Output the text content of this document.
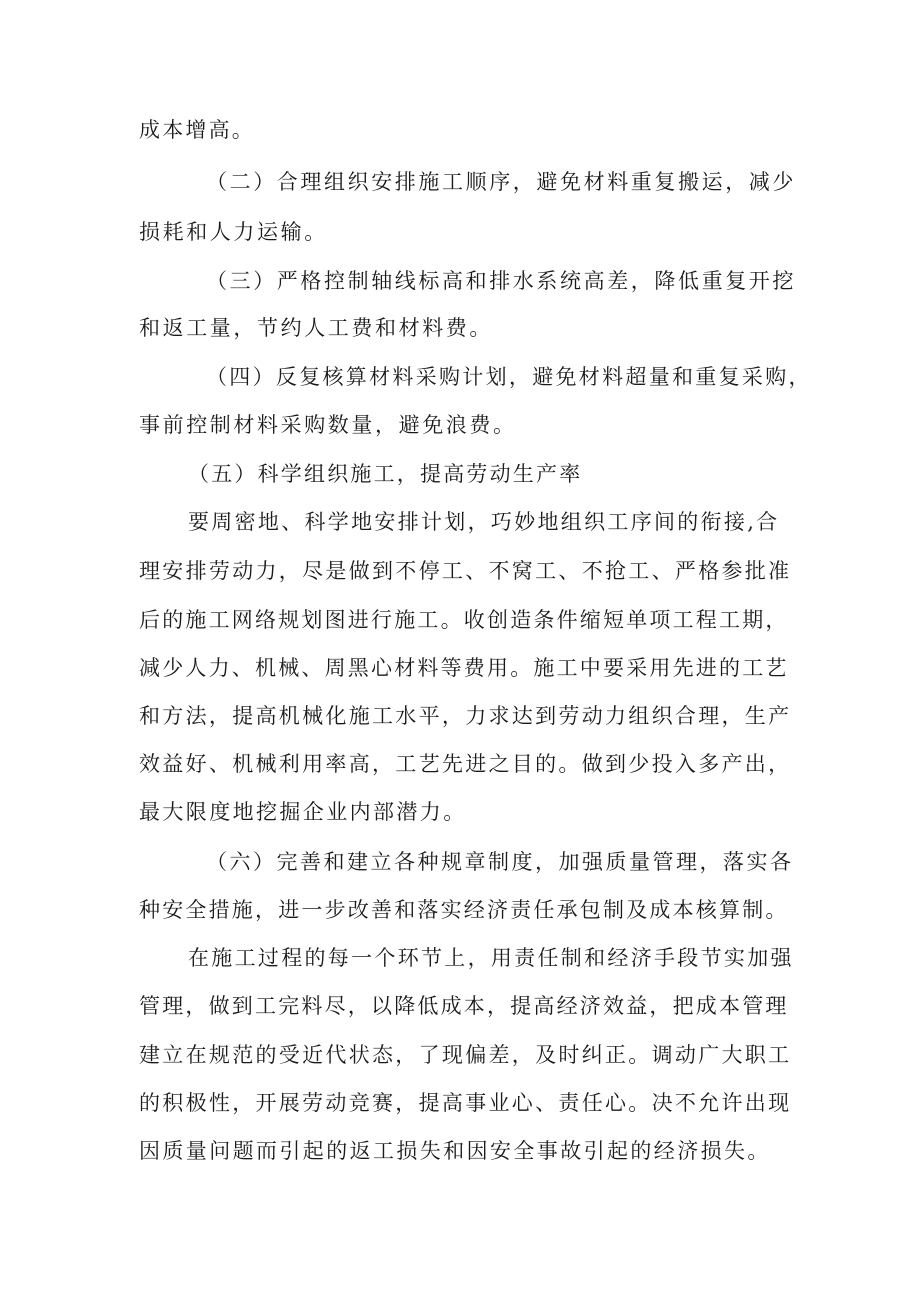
成本增高。
（二）合理组织安排施工顺序，避免材料重复搬运，减少
损耗和人力运输。
（三）严格控制轴线标高和排水系统高差，降低重复开挖
和返工量，节约人工费和材料费。
（四）反复核算材料采购计划，避免材料超量和重复采购，
事前控制材料采购数量，避免浪费。
（五）科学组织施工，提高劳动生产率
要周密地、科学地安排计划，巧妙地组织工序间的衔接,合
理安排劳动力，尽是做到不停工、不窝工、不抢工、严格参批准
后的施工网络规划图进行施工。收创造条件缩短单项工程工期，
减少人力、机械、周黑心材料等费用。施工中要采用先进的工艺
和方法，提高机械化施工水平，力求达到劳动力组织合理，生产
效益好、机械利用率高，工艺先进之目的。做到少投入多产出，
最大限度地挖掘企业内部潜力。
（六）完善和建立各种规章制度，加强质量管理，落实各
种安全措施，进一步改善和落实经济责任承包制及成本核算制。
在施工过程的每一个环节上，用责任制和经济手段节实加强
管理，做到工完料尽，以降低成本，提高经济效益，把成本管理
建立在规范的受近代状态，了现偏差，及时纠正。调动广大职工
的积极性，开展劳动竞赛，提高事业心、责任心。决不允许出现
因质量问题而引起的返工损失和因安全事故引起的经济损失。
